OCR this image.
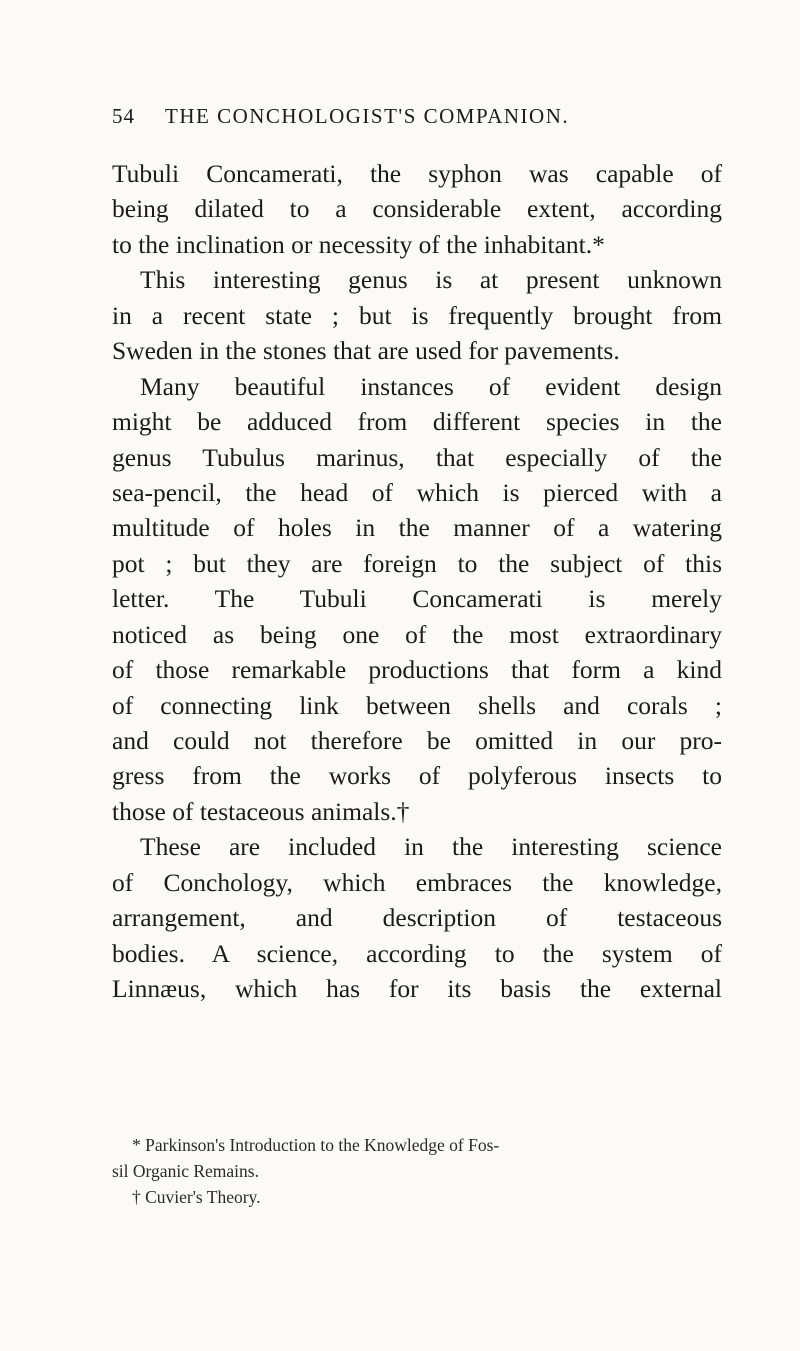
54 THE CONCHOLOGIST'S COMPANION.
Tubuli Concamerati, the syphon was capable of
being dilated to a considerable extent, according
to the inclination or necessity of the inhabitant.*
This interesting genus is at present unknown
in a recent state ; but is frequently brought from
Sweden in the stones that are used for pavements.
Many beautiful instances of evident design
might be adduced from different species in the
genus Tubulus marinus, that especially of the
sea-pencil, the head of which is pierced with a
multitude of holes in the manner of a watering
pot ; but they are foreign to the subject of this
letter. The Tubuli Concamerati is merely
noticed as being one of the most extraordinary
of those remarkable productions that form a kind
of connecting link between shells and corals ;
and could not therefore be omitted in our pro-
gress from the works of polyferous insects to
those of testaceous animals.†
These are included in the interesting science
of Conchology, which embraces the knowledge,
arrangement, and description of testaceous
bodies. A science, according to the system of
Linnæus, which has for its basis the external
* Parkinson's Introduction to the Knowledge of Fos-
sil Organic Remains.
† Cuvier's Theory.
